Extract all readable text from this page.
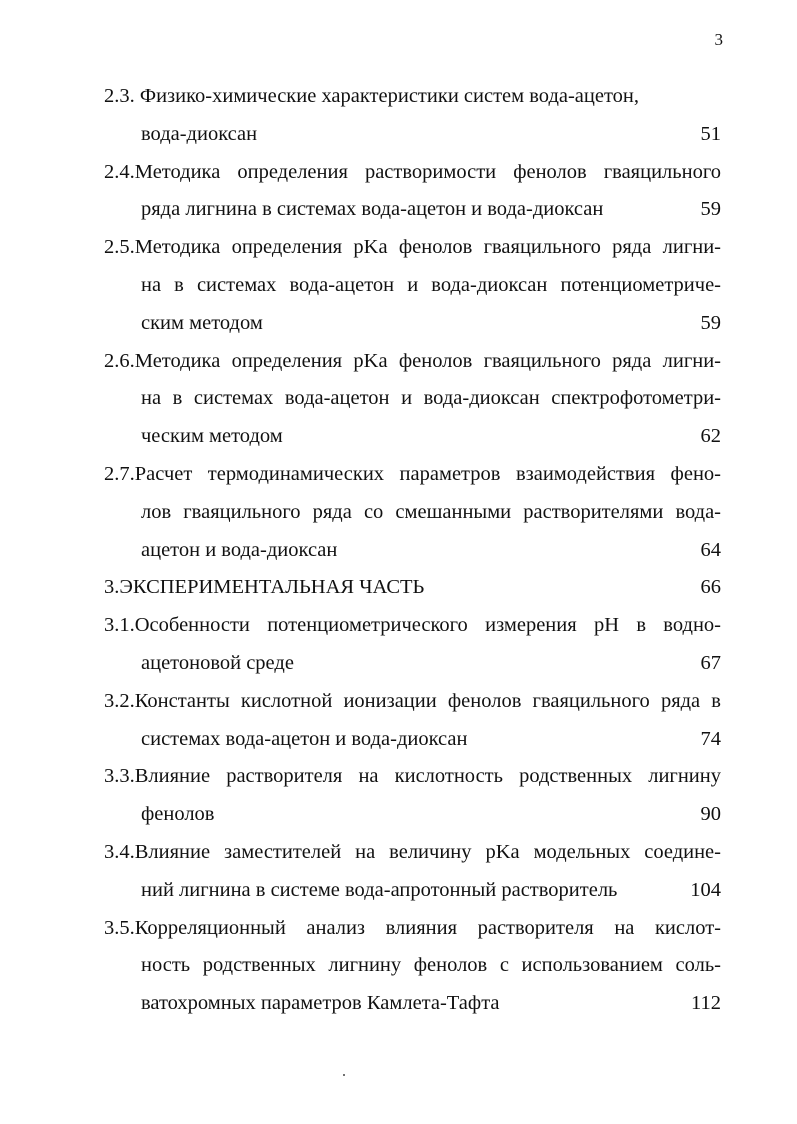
3
2.3. Физико-химические характеристики систем вода-ацетон,
вода-диоксан	51
2.4.Методика определения растворимости фенолов гваяцильного
ряда лигнина в системах вода-ацетон и вода-диоксан	59
2.5.Методика определения pKa фенолов гваяцильного ряда лигни-
на в системах вода-ацетон и вода-диоксан потенциометриче-
ским методом	59
2.6.Методика определения pKa фенолов гваяцильного ряда лигни-
на в системах вода-ацетон и вода-диоксан спектрофотометри-
ческим методом	62
2.7.Расчет термодинамических параметров взаимодействия фено-
лов гваяцильного ряда со смешанными растворителями вода-
ацетон и вода-диоксан	64
3.ЭКСПЕРИМЕНТАЛЬНАЯ ЧАСТЬ	66
3.1.Особенности потенциометрического измерения pH в водно-
ацетоновой среде	67
3.2.Константы кислотной ионизации фенолов гваяцильного ряда в
системах вода-ацетон и вода-диоксан	74
3.3.Влияние растворителя на кислотность родственных лигнину
фенолов	90
3.4.Влияние заместителей на величину pKa модельных соедине-
ний лигнина в системе вода-апротонный растворитель	104
3.5.Корреляционный анализ влияния растворителя на кислот-
ность родственных лигнину фенолов с использованием соль-
ватохромных параметров Камлета-Тафта	112
